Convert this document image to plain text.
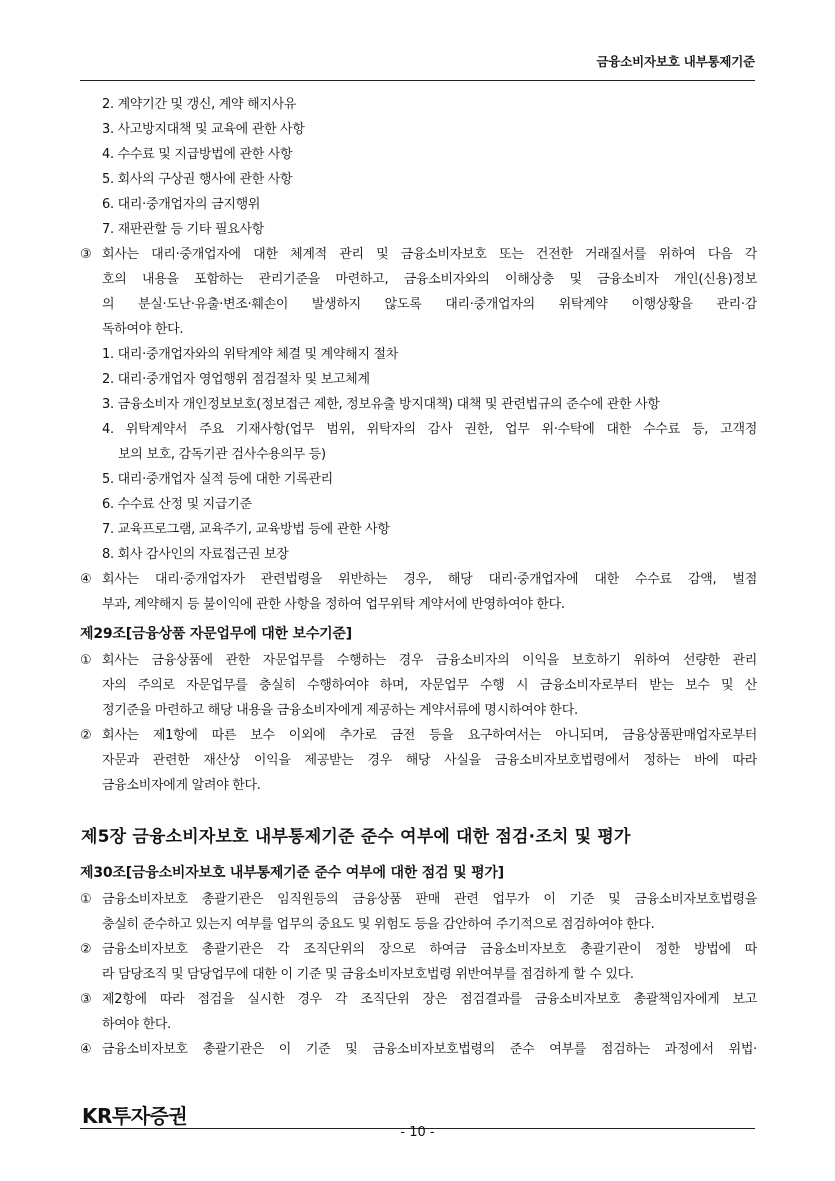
금융소비자보호 내부통제기준
2. 계약기간 및 갱신, 계약 해지사유
3. 사고방지대책 및 교육에 관한 사항
4. 수수료 및 지급방법에 관한 사항
5. 회사의 구상권 행사에 관한 사항
6. 대리·중개업자의 금지행위
7. 재판관할 등 기타 필요사항
③ 회사는 대리·중개업자에 대한 체계적 관리 및 금융소비자보호 또는 건전한 거래질서를 위하여 다음 각
호의 내용을 포함하는 관리기준을 마련하고, 금융소비자와의 이해상충 및 금융소비자 개인(신용)정보
의 분실·도난·유출·변조·훼손이 발생하지 않도록 대리·중개업자의 위탁계약 이행상황을 관리·감
독하여야 한다.
1. 대리·중개업자와의 위탁계약 체결 및 계약해지 절차
2. 대리·중개업자 영업행위 점검절차 및 보고체계
3. 금융소비자 개인정보보호(정보접근 제한, 정보유출 방지대책) 대책 및 관련법규의 준수에 관한 사항
4. 위탁계약서 주요 기재사항(업무 범위, 위탁자의 감사 권한, 업무 위·수탁에 대한 수수료 등, 고객정
보의 보호, 감독기관 검사수용의무 등)
5. 대리·중개업자 실적 등에 대한 기록관리
6. 수수료 산정 및 지급기준
7. 교육프로그램, 교육주기, 교육방법 등에 관한 사항
8. 회사 감사인의 자료접근권 보장
④ 회사는 대리·중개업자가 관련법령을 위반하는 경우, 해당 대리·중개업자에 대한 수수료 감액, 벌점
부과, 계약해지 등 불이익에 관한 사항을 정하여 업무위탁 계약서에 반영하여야 한다.
제29조[금융상품 자문업무에 대한 보수기준]
① 회사는 금융상품에 관한 자문업무를 수행하는 경우 금융소비자의 이익을 보호하기 위하여 선량한 관리
자의 주의로 자문업무를 충실히 수행하여야 하며, 자문업무 수행 시 금융소비자로부터 받는 보수 및 산
정기준을 마련하고 해당 내용을 금융소비자에게 제공하는 계약서류에 명시하여야 한다.
② 회사는 제1항에 따른 보수 이외에 추가로 금전 등을 요구하여서는 아니되며, 금융상품판매업자로부터
자문과 관련한 재산상 이익을 제공받는 경우 해당 사실을 금융소비자보호법령에서 정하는 바에 따라
금융소비자에게 알려야 한다.
제5장 금융소비자보호 내부통제기준 준수 여부에 대한 점검·조치 및 평가
제30조[금융소비자보호 내부통제기준 준수 여부에 대한 점검 및 평가]
① 금융소비자보호 총괄기관은 임직원등의 금융상품 판매 관련 업무가 이 기준 및 금융소비자보호법령을
충실히 준수하고 있는지 여부를 업무의 중요도 및 위험도 등을 감안하여 주기적으로 점검하여야 한다.
② 금융소비자보호 총괄기관은 각 조직단위의 장으로 하여금 금융소비자보호 총괄기관이 정한 방법에 따
라 담당조직 및 담당업무에 대한 이 기준 및 금융소비자보호법령 위반여부를 점검하게 할 수 있다.
③ 제2항에 따라 점검을 실시한 경우 각 조직단위 장은 점검결과를 금융소비자보호 총괄책임자에게 보고
하여야 한다.
④ 금융소비자보호 총괄기관은 이 기준 및 금융소비자보호법령의 준수 여부를 점검하는 과정에서 위법·
KR투자증권
- 10 -
